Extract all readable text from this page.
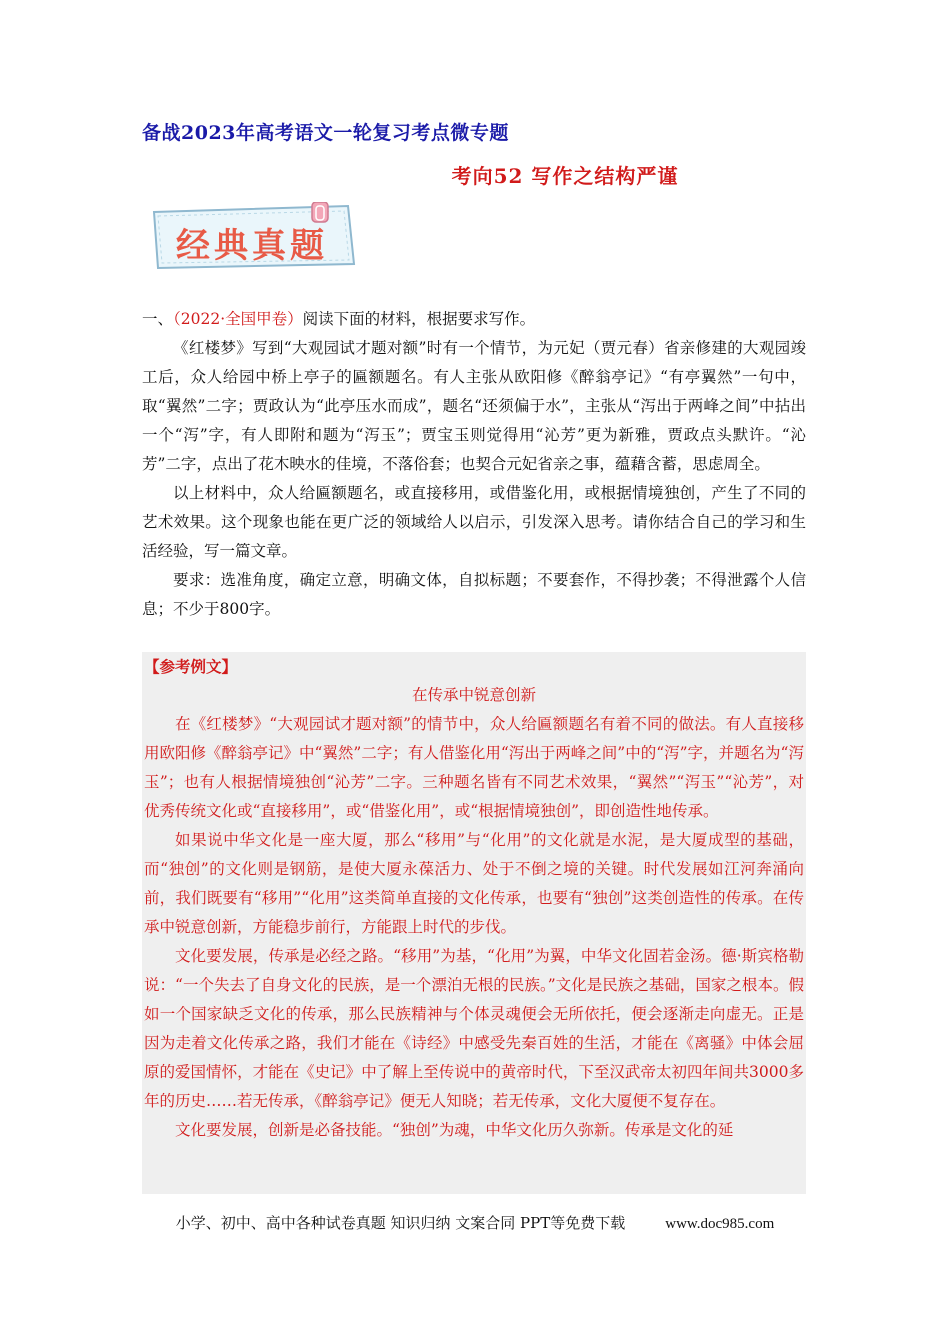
备战2023年高考语文一轮复习考点微专题
考向52 写作之结构严谨
经典真题

一、（2022·全国甲卷）阅读下面的材料，根据要求写作。

《红楼梦》写到“大观园试才题对额”时有一个情节，为元妃（贾元春）省亲修建的大观园竣工后，众人给园中桥上亭子的匾额题名。有人主张从欧阳修《醉翁亭记》“有亭翼然”一句中，取“翼然”二字；贾政认为“此亭压水而成”，题名“还须偏于水”，主张从“泻出于两峰之间”中拈出一个“泻”字，有人即附和题为“泻玉”；贾宝玉则觉得用“沁芳”更为新雅，贾政点头默许。“沁芳”二字，点出了花木映水的佳境，不落俗套；也契合元妃省亲之事，蕴藉含蓄，思虑周全。

以上材料中，众人给匾额题名，或直接移用，或借鉴化用，或根据情境独创，产生了不同的艺术效果。这个现象也能在更广泛的领域给人以启示，引发深入思考。请你结合自己的学习和生活经验，写一篇文章。

要求：选准角度，确定立意，明确文体，自拟标题；不要套作，不得抄袭；不得泄露个人信息；不少于800字。

【参考例文】
在传承中锐意创新

在《红楼梦》“大观园试才题对额”的情节中，众人给匾额题名有着不同的做法。有人直接移用欧阳修《醉翁亭记》中“翼然”二字；有人借鉴化用“泻出于两峰之间”中的“泻”字，并题名为“泻玉”；也有人根据情境独创“沁芳”二字。三种题名皆有不同艺术效果，“翼然”“泻玉”“沁芳”，对优秀传统文化或“直接移用”，或“借鉴化用”，或“根据情境独创”，即创造性地传承。

如果说中华文化是一座大厦，那么“移用”与“化用”的文化就是水泥，是大厦成型的基础，而“独创”的文化则是钢筋，是使大厦永葆活力、处于不倒之境的关键。时代发展如江河奔涌向前，我们既要有“移用”“化用”这类简单直接的文化传承，也要有“独创”这类创造性的传承。在传承中锐意创新，方能稳步前行，方能跟上时代的步伐。

文化要发展，传承是必经之路。“移用”为基，“化用”为翼，中华文化固若金汤。德·斯宾格勒说：“一个失去了自身文化的民族，是一个漂泊无根的民族。”文化是民族之基础，国家之根本。假如一个国家缺乏文化的传承，那么民族精神与个体灵魂便会无所依托，便会逐渐走向虚无。正是因为走着文化传承之路，我们才能在《诗经》中感受先秦百姓的生活，才能在《离骚》中体会屈原的爱国情怀，才能在《史记》中了解上至传说中的黄帝时代，下至汉武帝太初四年间共3000多年的历史……若无传承，《醉翁亭记》便无人知晓；若无传承，文化大厦便不复存在。

文化要发展，创新是必备技能。“独创”为魂，中华文化历久弥新。传承是文化的延

小学、初中、高中各种试卷真题 知识归纳 文案合同 PPT等免费下载	www.doc985.com
